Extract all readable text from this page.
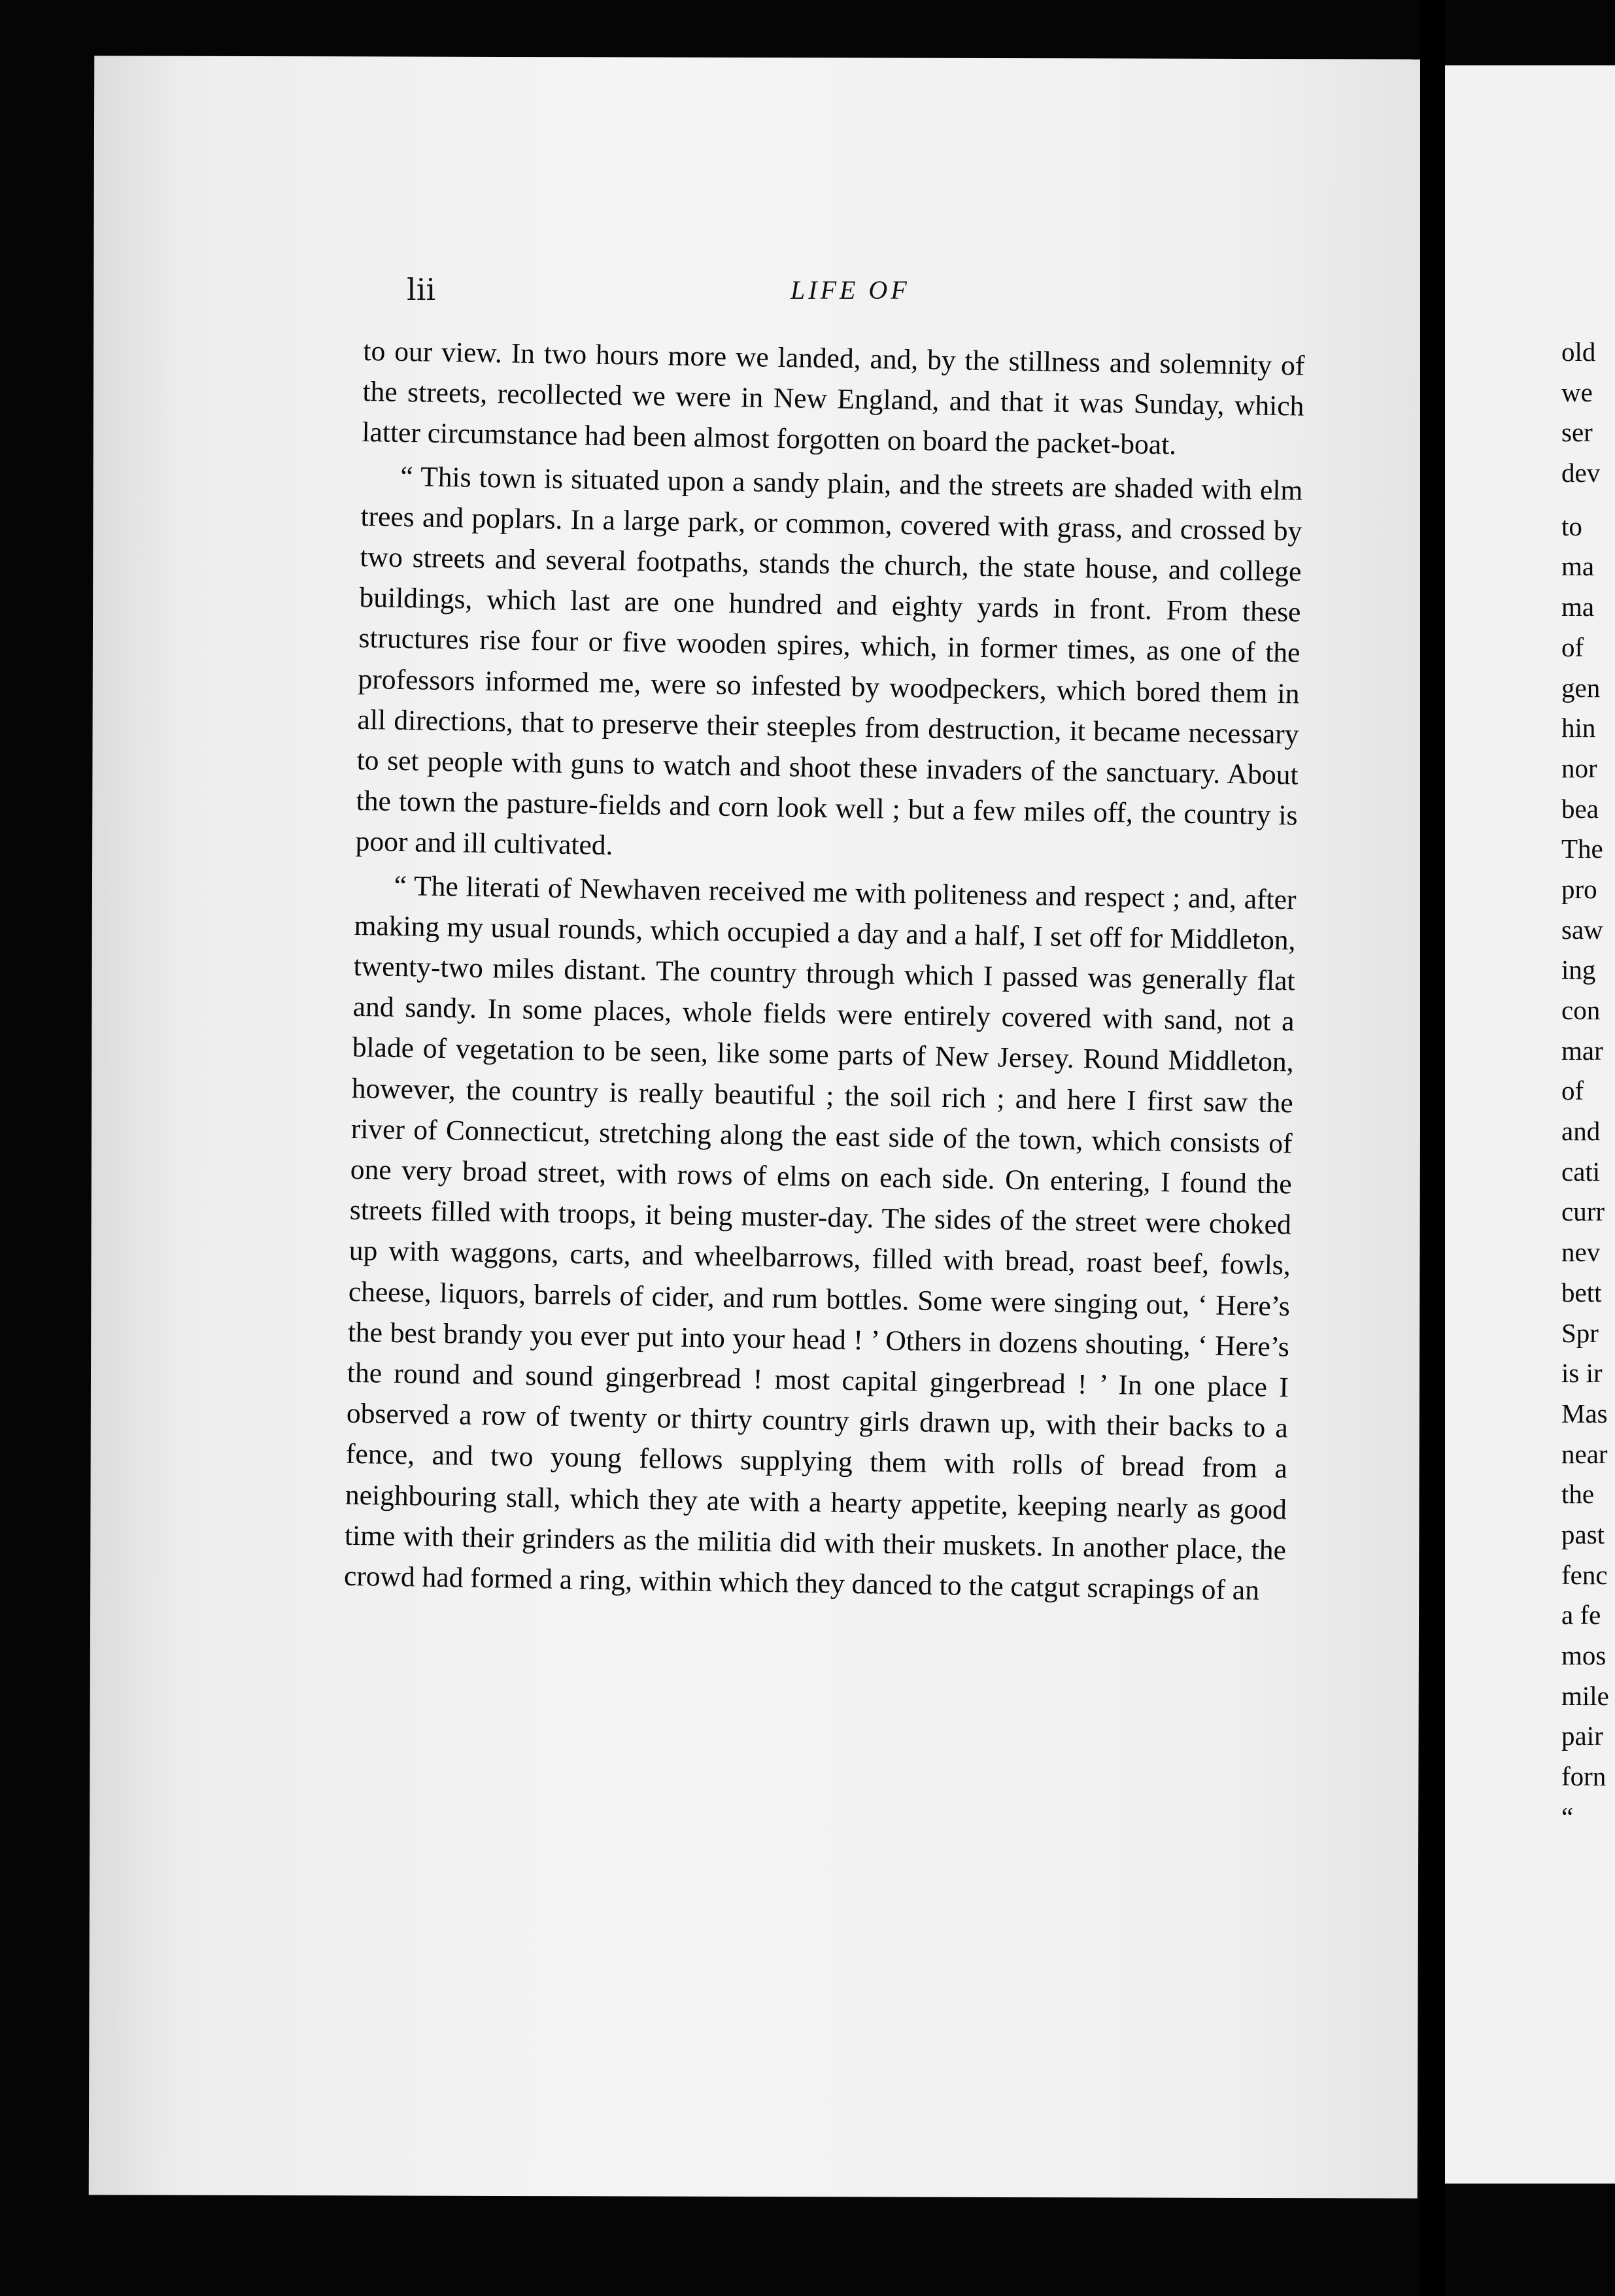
lii	LIFE OF

to our view. In two hours more we landed, and, by the stillness and solemnity of the streets, recollected we were in New England, and that it was Sunday, which latter circumstance had been almost forgotten on board the packet-boat.

“ This town is situated upon a sandy plain, and the streets are shaded with elm trees and poplars. In a large park, or common, covered with grass, and crossed by two streets and several footpaths, stands the church, the state house, and college buildings, which last are one hundred and eighty yards in front. From these structures rise four or five wooden spires, which, in former times, as one of the professors informed me, were so infested by woodpeckers, which bored them in all directions, that to preserve their steeples from destruction, it became necessary to set people with guns to watch and shoot these invaders of the sanctuary. About the town the pasture-fields and corn look well ; but a few miles off, the country is poor and ill cultivated.

“ The literati of Newhaven received me with politeness and respect ; and, after making my usual rounds, which occupied a day and a half, I set off for Middleton, twenty-two miles distant. The country through which I passed was generally flat and sandy. In some places, whole fields were entirely covered with sand, not a blade of vegetation to be seen, like some parts of New Jersey. Round Middleton, however, the country is really beautiful ; the soil rich ; and here I first saw the river of Connecticut, stretching along the east side of the town, which consists of one very broad street, with rows of elms on each side. On entering, I found the streets filled with troops, it being muster-day. The sides of the street were choked up with waggons, carts, and wheelbarrows, filled with bread, roast beef, fowls, cheese, liquors, barrels of cider, and rum bottles. Some were singing out, ‘ Here’s the best brandy you ever put into your head ! ’ Others in dozens shouting, ‘ Here’s the round and sound gingerbread ! most capital gingerbread ! ’ In one place I observed a row of twenty or thirty country girls drawn up, with their backs to a fence, and two young fellows supplying them with rolls of bread from a neighbouring stall, which they ate with a hearty appetite, keeping nearly as good time with their grinders as the militia did with their muskets. In another place, the crowd had formed a ring, within which they danced to the catgut scrapings of an

old
we
ser
dev
to
ma
ma
of
gen
hin
nor
bea
The
pro
saw
ing
con
mar
of
and
cati
curr
nev
bett
Spr
is ir
Mas
near
the
past
fenc
a fe
mos
mile
pair
forn
“
